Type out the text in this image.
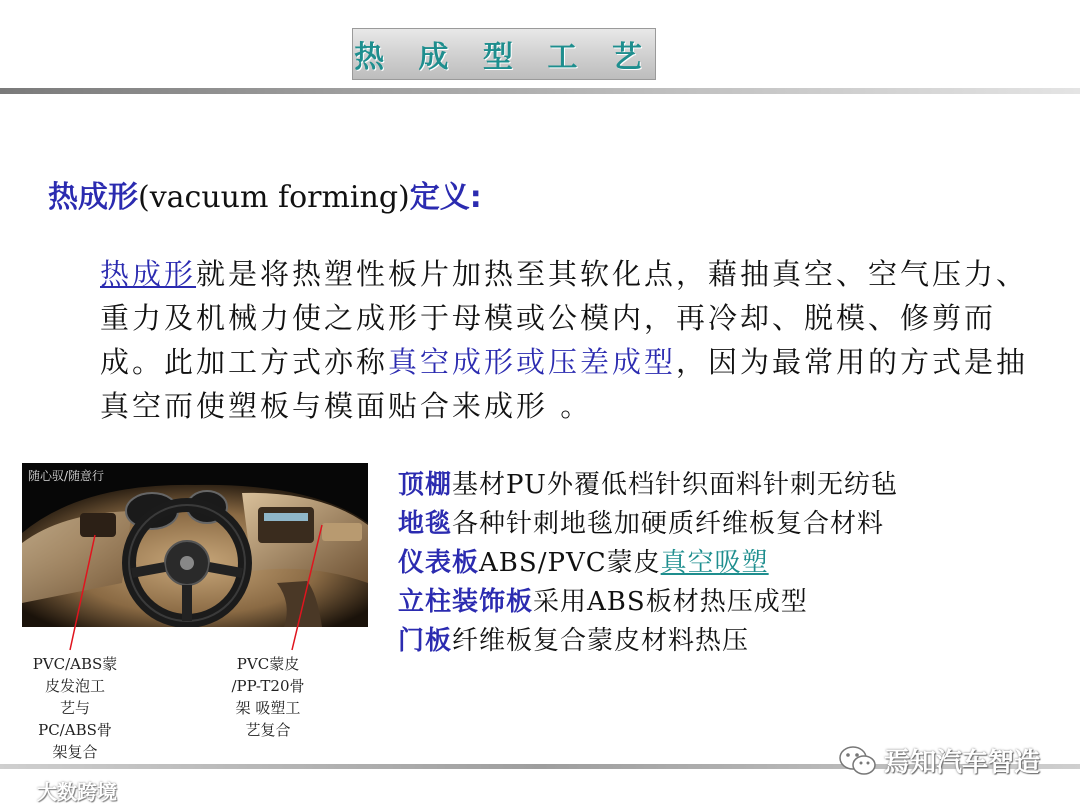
热 成 型 工 艺
热成形(vacuum forming)定义:
热成形就是将热塑性板片加热至其软化点，藉抽真空、空气压力、重力及机械力使之成形于母模或公模内，再冷却、脱模、修剪而成。此加工方式亦称真空成形或压差成型，因为最常用的方式是抽真空而使塑板与模面贴合来成形 。
随心驭/随意行
PVC/ABS蒙
皮发泡工
艺与
PC/ABS骨
架复合
PVC蒙皮
/PP-T20骨
架 吸塑工
艺复合
顶棚基材PU外覆低档针织面料针刺无纺毡
地毯各种针刺地毯加硬质纤维板复合材料
仪表板ABS/PVC蒙皮真空吸塑
立柱装饰板采用ABS板材热压成型
门板纤维板复合蒙皮材料热压
大数跨境
焉知汽车智造
